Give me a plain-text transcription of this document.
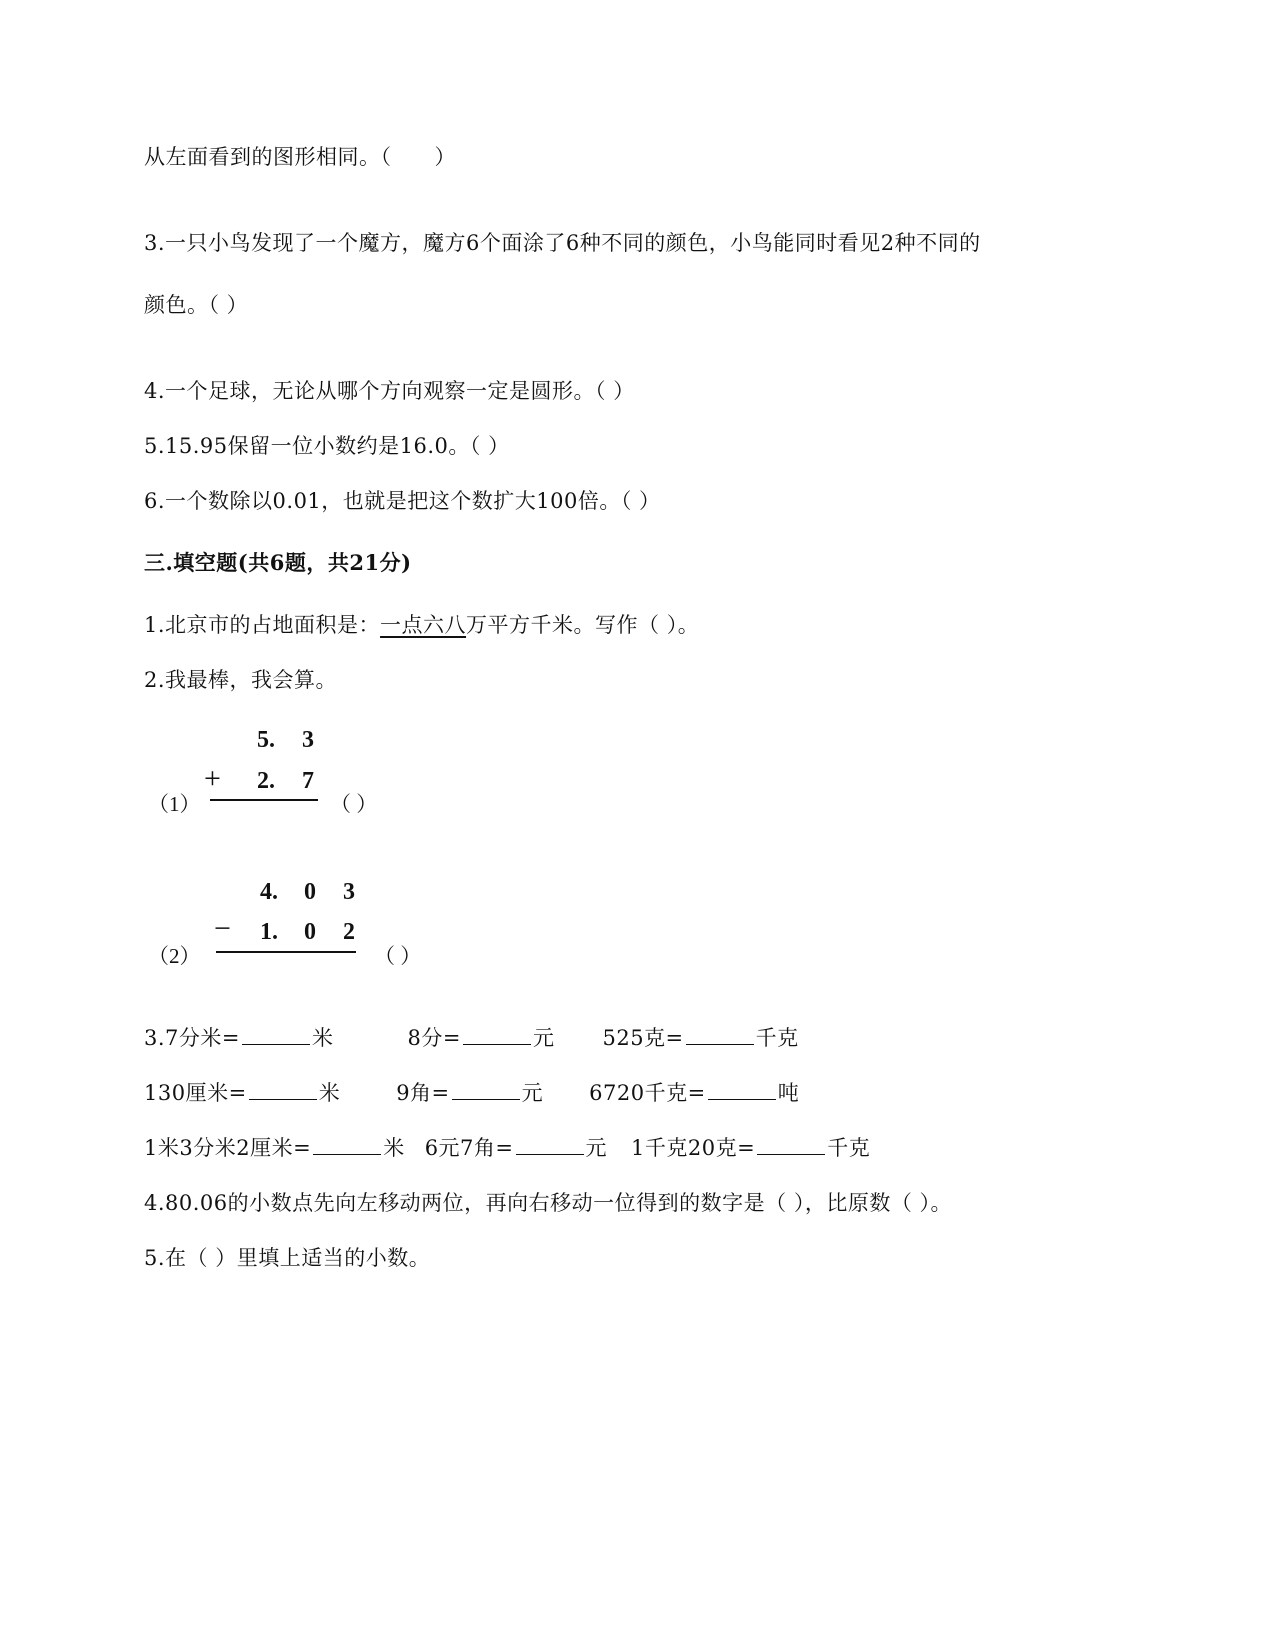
从左面看到的图形相同。（　　）
3.一只小鸟发现了一个魔方，魔方6个面涂了6种不同的颜色，小鸟能同时看见2种不同的
颜色。（ ）
4.一个足球，无论从哪个方向观察一定是圆形。（ ）
5.15.95保留一位小数约是16.0。（ ）
6.一个数除以0.01，也就是把这个数扩大100倍。（ ）
三.填空题(共6题，共21分)
1.北京市的占地面积是：一点六八万平方千米。写作（ ）。
2.我最棒，我会算。
5. 3
+ 2. 7
（1）	（ ）
4. 0 3
− 1. 0 2
（2）	（ ）
3.7分米=	米	8分=	元 525克=	千克
130厘米=	米	9角=	元 6720千克=	吨
1米3分米2厘米=	米 6元7角=	元 1千克20克=	千克
4.80.06的小数点先向左移动两位，再向右移动一位得到的数字是（ ），比原数（ ）。
5.在（ ）里填上适当的小数。
